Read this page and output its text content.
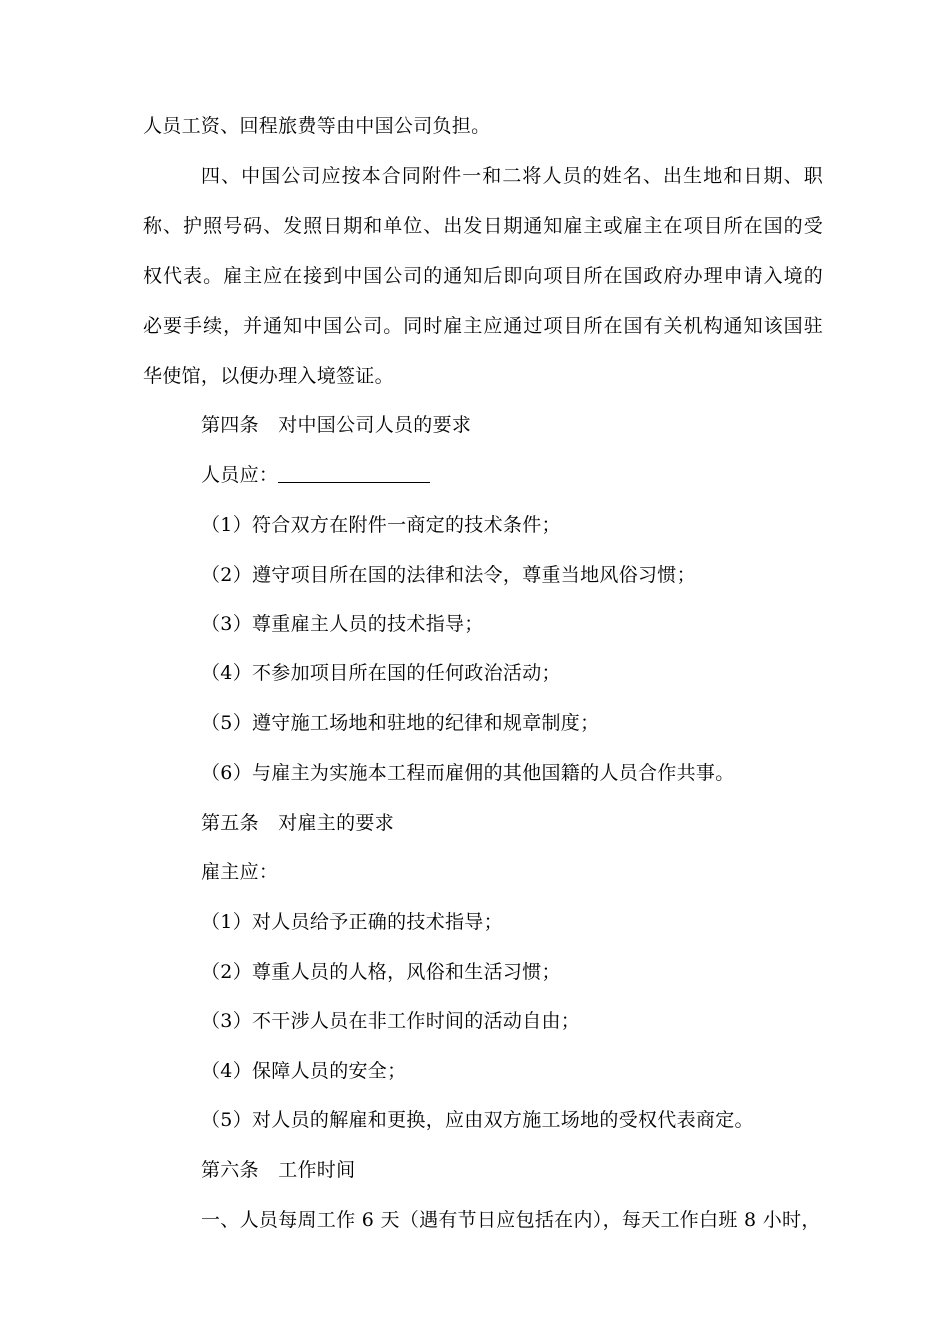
人员工资、回程旅费等由中国公司负担。
四、中国公司应按本合同附件一和二将人员的姓名、出生地和日期、职
称、护照号码、发照日期和单位、出发日期通知雇主或雇主在项目所在国的受
权代表。雇主应在接到中国公司的通知后即向项目所在国政府办理申请入境的
必要手续，并通知中国公司。同时雇主应通过项目所在国有关机构通知该国驻
华使馆，以便办理入境签证。
第四条　对中国公司人员的要求
人员应：
（1）符合双方在附件一商定的技术条件；
（2）遵守项目所在国的法律和法令，尊重当地风俗习惯；
（3）尊重雇主人员的技术指导；
（4）不参加项目所在国的任何政治活动；
（5）遵守施工场地和驻地的纪律和规章制度；
（6）与雇主为实施本工程而雇佣的其他国籍的人员合作共事。
第五条　对雇主的要求
雇主应：
（1）对人员给予正确的技术指导；
（2）尊重人员的人格，风俗和生活习惯；
（3）不干涉人员在非工作时间的活动自由；
（4）保障人员的安全；
（5）对人员的解雇和更换，应由双方施工场地的受权代表商定。
第六条　工作时间
一、人员每周工作 6 天（遇有节日应包括在内），每天工作白班 8 小时，
